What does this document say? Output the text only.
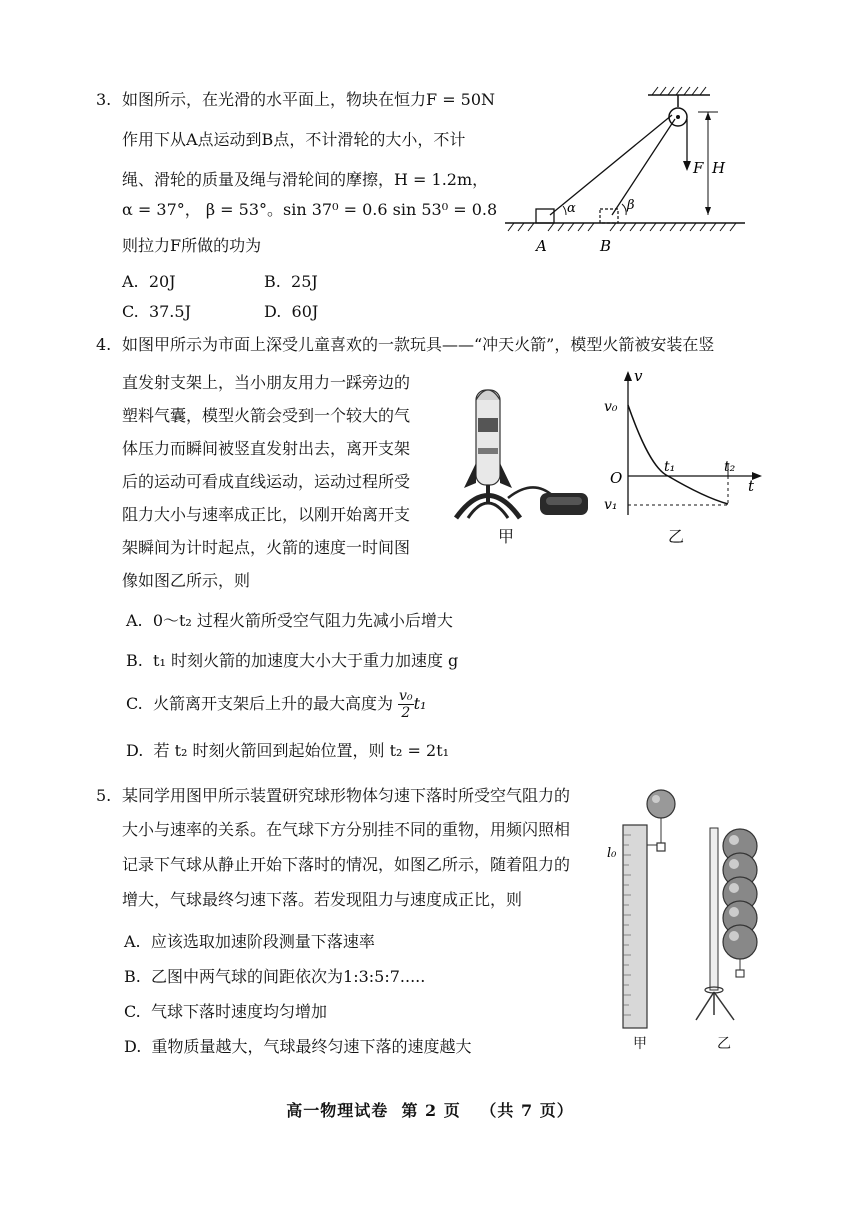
3. 如图所示，在光滑的水平面上，物块在恒力F = 50N
作用下从A点运动到B点，不计滑轮的大小，不计
绳、滑轮的质量及绳与滑轮间的摩擦，H = 1.2m，
α = 37°， β = 53°。sin 37⁰ = 0.6 sin 53⁰ = 0.8
则拉力F所做的功为
A. 20J	B. 25J
C. 37.5J	D. 60J
F H
α	β
A	B
4. 如图甲所示为市面上深受儿童喜欢的一款玩具——“冲天火箭”，模型火箭被安装在竖
直发射支架上，当小朋友用力一踩旁边的
塑料气囊，模型火箭会受到一个较大的气
体压力而瞬间被竖直发射出去，离开支架
后的运动可看成直线运动，运动过程所受
阻力大小与速率成正比，以刚开始离开支
架瞬间为计时起点，火箭的速度一时间图
像如图乙所示，则
A. 0～t₂ 过程火箭所受空气阻力先减小后增大
B. t₁ 时刻火箭的加速度大小大于重力加速度 g
C. 火箭离开支架后上升的最大高度为 $\frac{\text{v₀}}{2} t_1$
D. 若 t₂ 时刻火箭回到起始位置，则 t₂ = 2t₁
甲
v
t
O
v₀
v₁
t₁	t₂
乙
5. 某同学用图甲所示装置研究球形物体匀速下落时所受空气阻力的
大小与速率的关系。在气球下方分别挂不同的重物，用频闪照相
记录下气球从静止开始下落时的情况，如图乙所示，随着阻力的
增大，气球最终匀速下落。若发现阻力与速度成正比，则
A. 应该选取加速阶段测量下落速率
B. 乙图中两气球的间距依次为1:3:5:7.....
C. 气球下落时速度均匀增加
D. 重物质量越大，气球最终匀速下落的速度越大
l₀
甲	乙
高一物理试卷  第 2 页   （共 7 页）
